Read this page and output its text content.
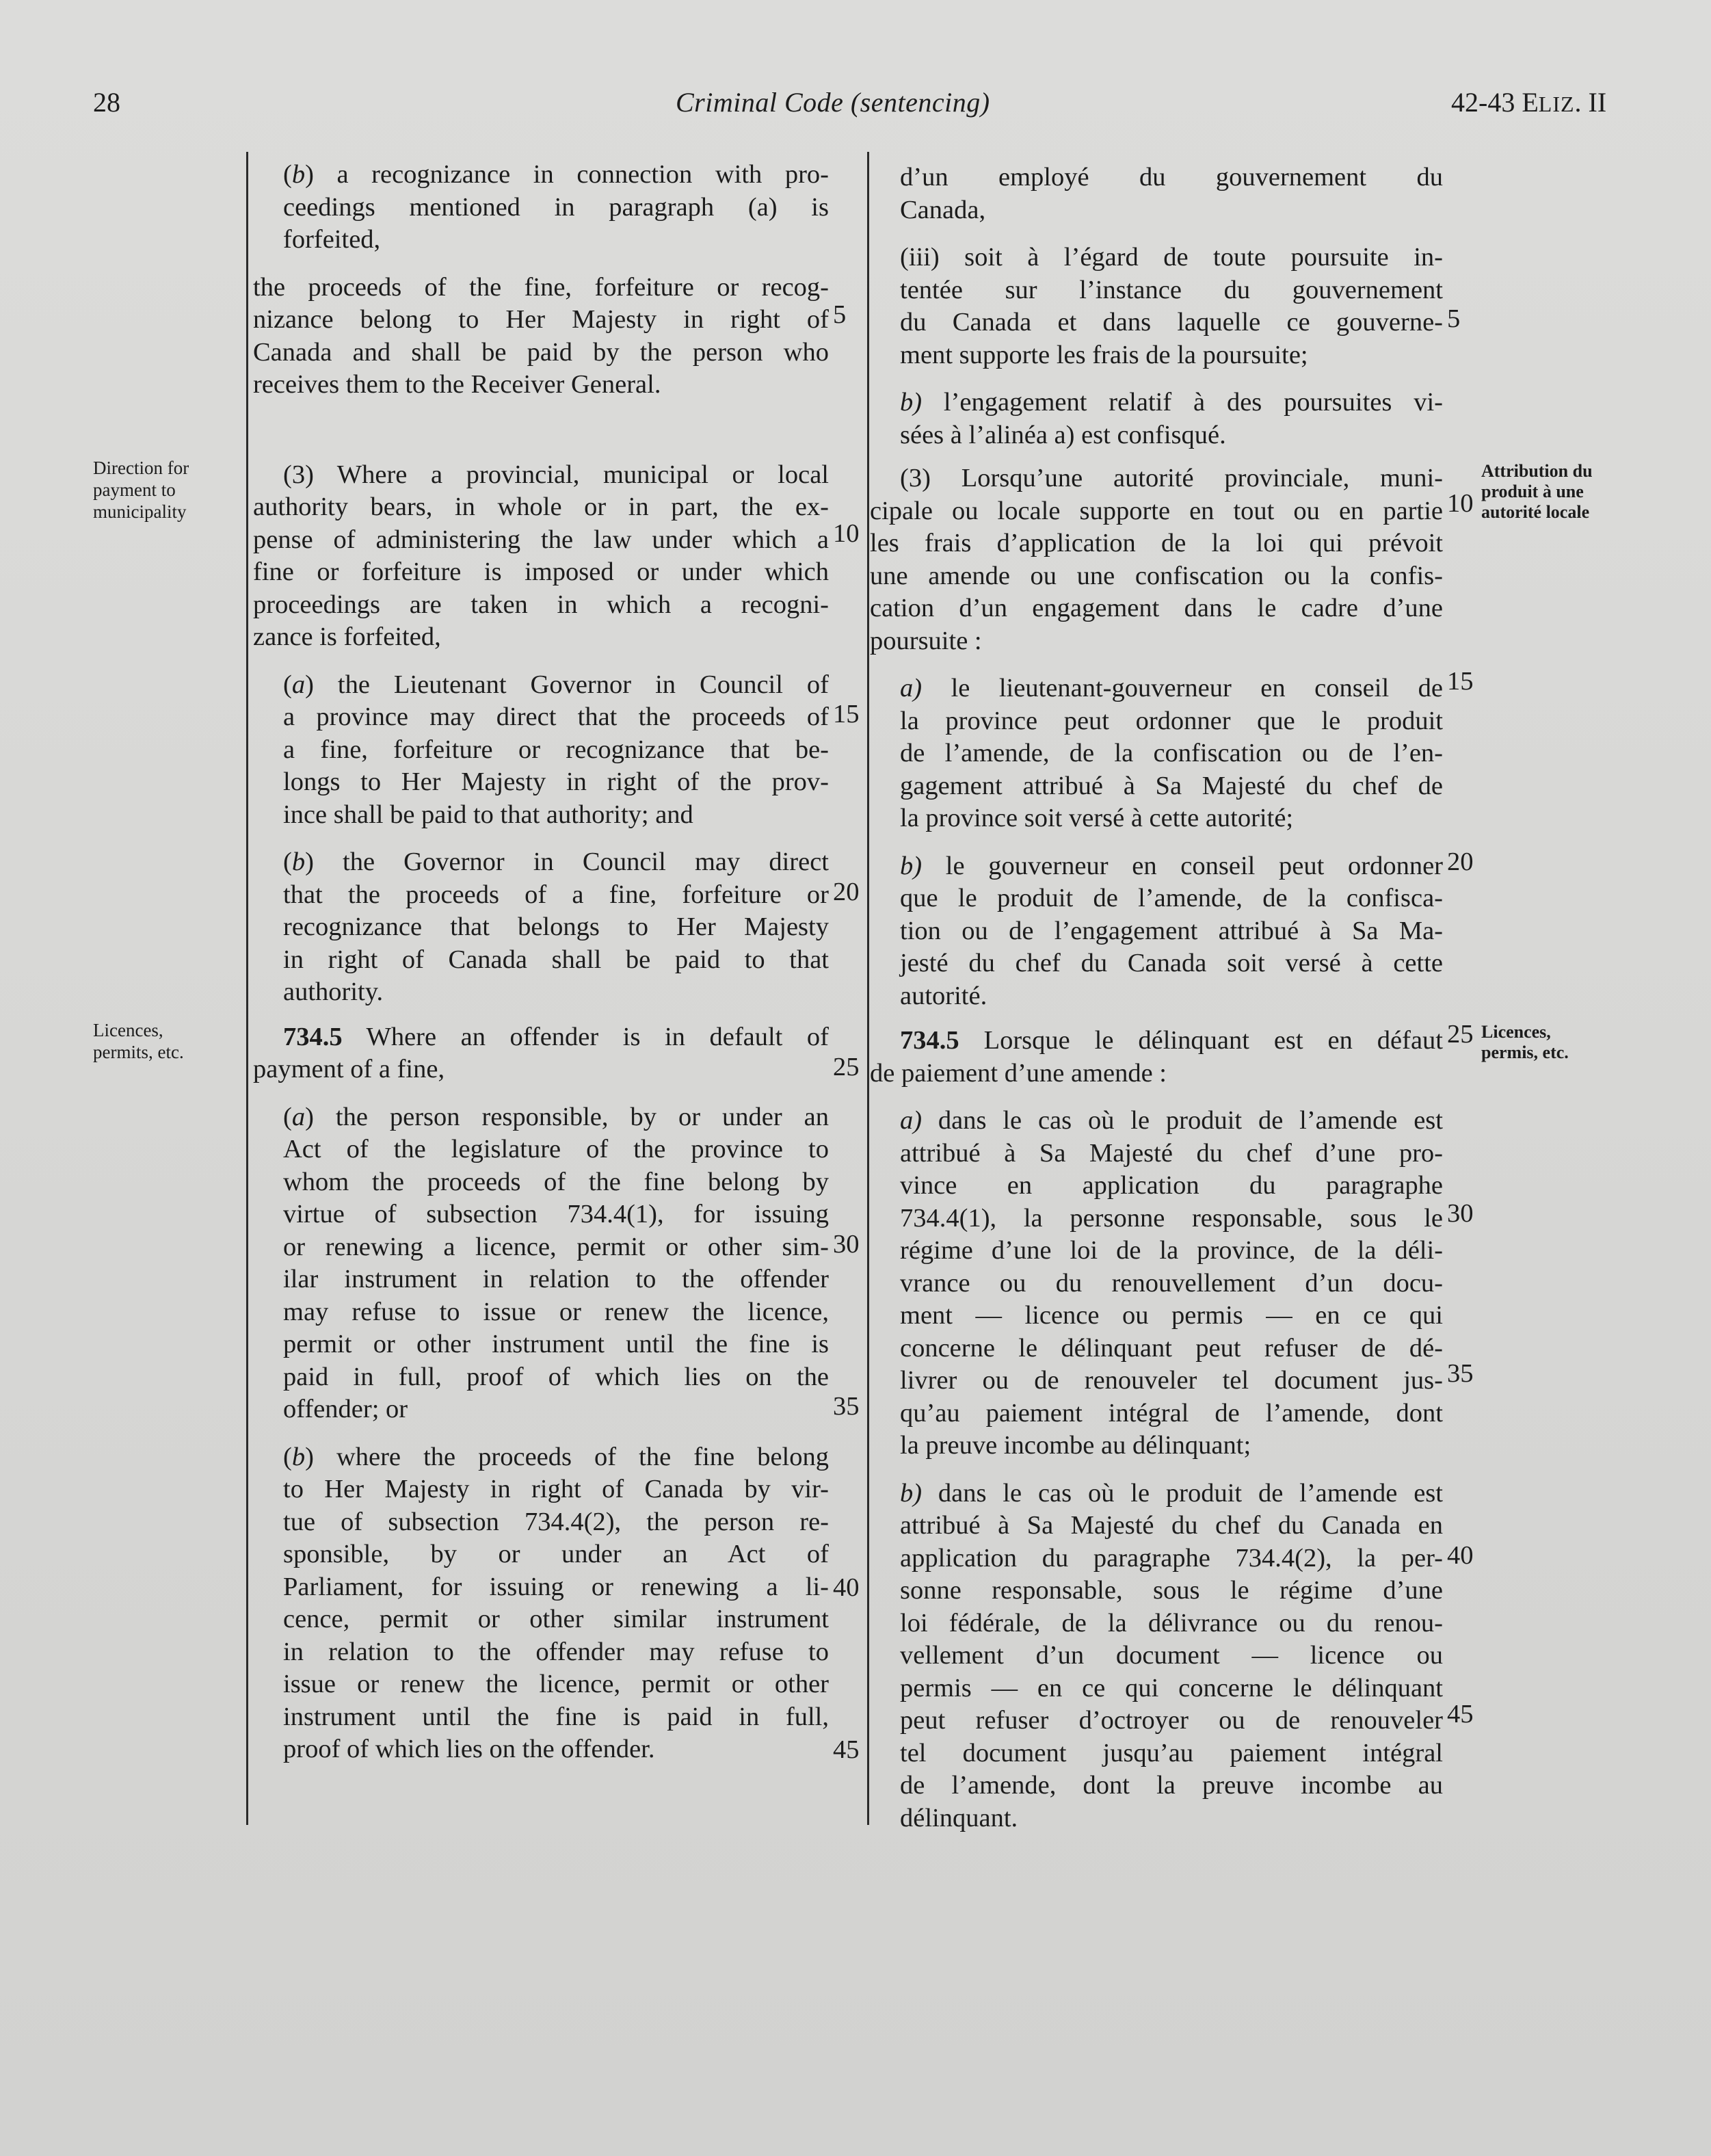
28	Criminal Code (sentencing)	42-43 ELIZ. II
Direction for
payment to
municipality
Licences,
permits, etc.
Attribution du
produit à une
autorité locale
Licences,
permis, etc.
5
10
15
20
25
30
35
40
45
5
10
15
20
25
30
35
40
45

(b) a recognizance in connection with pro-
ceedings mentioned in paragraph (a) is
forfeited,

the proceeds of the fine, forfeiture or recog-
nizance belong to Her Majesty in right of
Canada and shall be paid by the person who
receives them to the Receiver General.

(3) Where a provincial, municipal or local
authority bears, in whole or in part, the ex-
pense of administering the law under which a
fine or forfeiture is imposed or under which
proceedings are taken in which a recogni-
zance is forfeited,

(a) the Lieutenant Governor in Council of
a province may direct that the proceeds of
a fine, forfeiture or recognizance that be-
longs to Her Majesty in right of the prov-
ince shall be paid to that authority; and

(b) the Governor in Council may direct
that the proceeds of a fine, forfeiture or
recognizance that belongs to Her Majesty
in right of Canada shall be paid to that
authority.

734.5 Where an offender is in default of
payment of a fine,

(a) the person responsible, by or under an
Act of the legislature of the province to
whom the proceeds of the fine belong by
virtue of subsection 734.4(1), for issuing
or renewing a licence, permit or other sim-
ilar instrument in relation to the offender
may refuse to issue or renew the licence,
permit or other instrument until the fine is
paid in full, proof of which lies on the
offender; or

(b) where the proceeds of the fine belong
to Her Majesty in right of Canada by vir-
tue of subsection 734.4(2), the person re-
sponsible, by or under an Act of
Parliament, for issuing or renewing a li-
cence, permit or other similar instrument
in relation to the offender may refuse to
issue or renew the licence, permit or other
instrument until the fine is paid in full,
proof of which lies on the offender.

d’un employé du gouvernement du
Canada,

(iii) soit à l’égard de toute poursuite in-
tentée sur l’instance du gouvernement
du Canada et dans laquelle ce gouverne-
ment supporte les frais de la poursuite;

b) l’engagement relatif à des poursuites vi-
sées à l’alinéa a) est confisqué.

(3) Lorsqu’une autorité provinciale, muni-
cipale ou locale supporte en tout ou en partie
les frais d’application de la loi qui prévoit
une amende ou une confiscation ou la confis-
cation d’un engagement dans le cadre d’une
poursuite :

a) le lieutenant-gouverneur en conseil de
la province peut ordonner que le produit
de l’amende, de la confiscation ou de l’en-
gagement attribué à Sa Majesté du chef de
la province soit versé à cette autorité;

b) le gouverneur en conseil peut ordonner
que le produit de l’amende, de la confisca-
tion ou de l’engagement attribué à Sa Ma-
jesté du chef du Canada soit versé à cette
autorité.

734.5 Lorsque le délinquant est en défaut
de paiement d’une amende :

a) dans le cas où le produit de l’amende est
attribué à Sa Majesté du chef d’une pro-
vince en application du paragraphe
734.4(1), la personne responsable, sous le
régime d’une loi de la province, de la déli-
vrance ou du renouvellement d’un docu-
ment — licence ou permis — en ce qui
concerne le délinquant peut refuser de dé-
livrer ou de renouveler tel document jus-
qu’au paiement intégral de l’amende, dont
la preuve incombe au délinquant;

b) dans le cas où le produit de l’amende est
attribué à Sa Majesté du chef du Canada en
application du paragraphe 734.4(2), la per-
sonne responsable, sous le régime d’une
loi fédérale, de la délivrance ou du renou-
vellement d’un document — licence ou
permis — en ce qui concerne le délinquant
peut refuser d’octroyer ou de renouveler
tel document jusqu’au paiement intégral
de l’amende, dont la preuve incombe au
délinquant.
